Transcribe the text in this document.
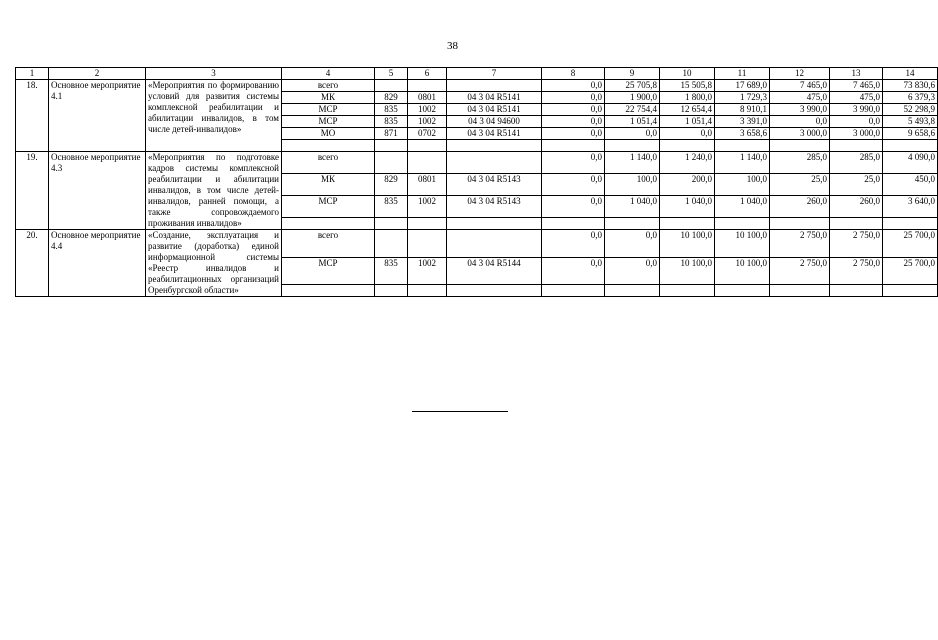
38
1	2	3	4	5	6	7	8	9	10	11	12	13	14
18.	Основное мероприятие 4.1	«Мероприятия по формированию условий для развития системы комплексной реабилитации и абилитации инвалидов, в том числе детей-инвалидов»	всего				0,0	25 705,8	15 505,8	17 689,0	7 465,0	7 465,0	73 830,6
			МК	829	0801	04 3 04 R5141	0,0	1 900,0	1 800,0	1 729,3	475,0	475,0	6 379,3
			МСР	835	1002	04 3 04 R5141	0,0	22 754,4	12 654,4	8 910,1	3 990,0	3 990,0	52 298,9
			МСР	835	1002	04 3 04 94600	0,0	1 051,4	1 051,4	3 391,0	0,0	0,0	5 493,8
			МО	871	0702	04 3 04 R5141	0,0	0,0	0,0	3 658,6	3 000,0	3 000,0	9 658,6

19.	Основное мероприятие 4.3	«Мероприятия по подготовке кадров системы комплексной реабилитации и абилитации инвалидов, в том числе детей-инвалидов, ранней помощи, а также сопровождаемого проживания инвалидов»	всего				0,0	1 140,0	1 240,0	1 140,0	285,0	285,0	4 090,0
			МК	829	0801	04 3 04 R5143	0,0	100,0	200,0	100,0	25,0	25,0	450,0
			МСР	835	1002	04 3 04 R5143	0,0	1 040,0	1 040,0	1 040,0	260,0	260,0	3 640,0

20.	Основное мероприятие 4.4	«Создание, эксплуатация и развитие (доработка) единой информационной системы «Реестр инвалидов и реабилитационных организаций Оренбургской области»	всего				0,0	0,0	10 100,0	10 100,0	2 750,0	2 750,0	25 700,0
			МСР	835	1002	04 3 04 R5144	0,0	0,0	10 100,0	10 100,0	2 750,0	2 750,0	25 700,0
